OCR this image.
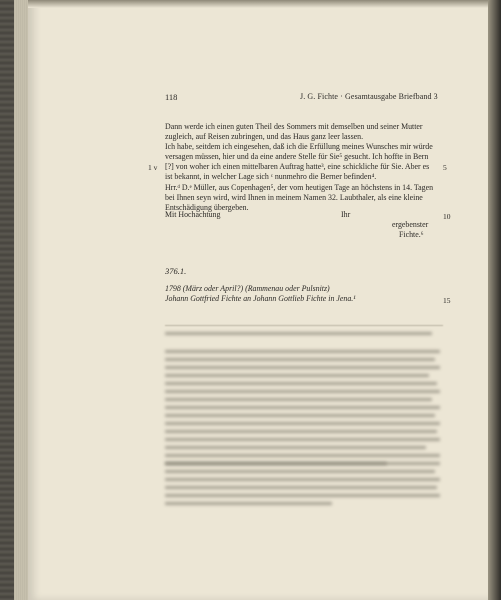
118	J. G. Fichte · Gesamtausgabe Briefband 3
1 v	5
10
15
Dann werde ich einen guten Theil des Sommers mit demselben und seiner Mutter
zugleich, auf Reisen zubringen, und das Haus ganz leer lassen.
Ich habe, seitdem ich eingesehen, daß ich die Erfüllung meines Wunsches mir würde
versagen müssen, hier und da eine andere Stelle für Sie⁵ gesucht. Ich hoffte in Bern
[?] von woher ich einen mittelbaren Auftrag hatte³, eine schickliche für Sie. Aber es
ist bekannt, in welcher Lage sich ᶜ nunmehro die Berner befinden⁴.
Hrr.ᵈ D.ᵉ Müller, aus Copenhagen⁵, der vom heutigen Tage an höchstens in 14. Tagen
bei Ihnen seyn wird, wird Ihnen in meinem Namen 32. Laubthaler, als eine kleine
Entschädigung übergeben.
Mit Hochachtung	Ihr
ergebenster
Fichte.⁶
376.1.
1798 (März oder April?) (Rammenau oder Pulsnitz)
Johann Gottfried Fichte an Johann Gottlieb Fichte in Jena.¹
